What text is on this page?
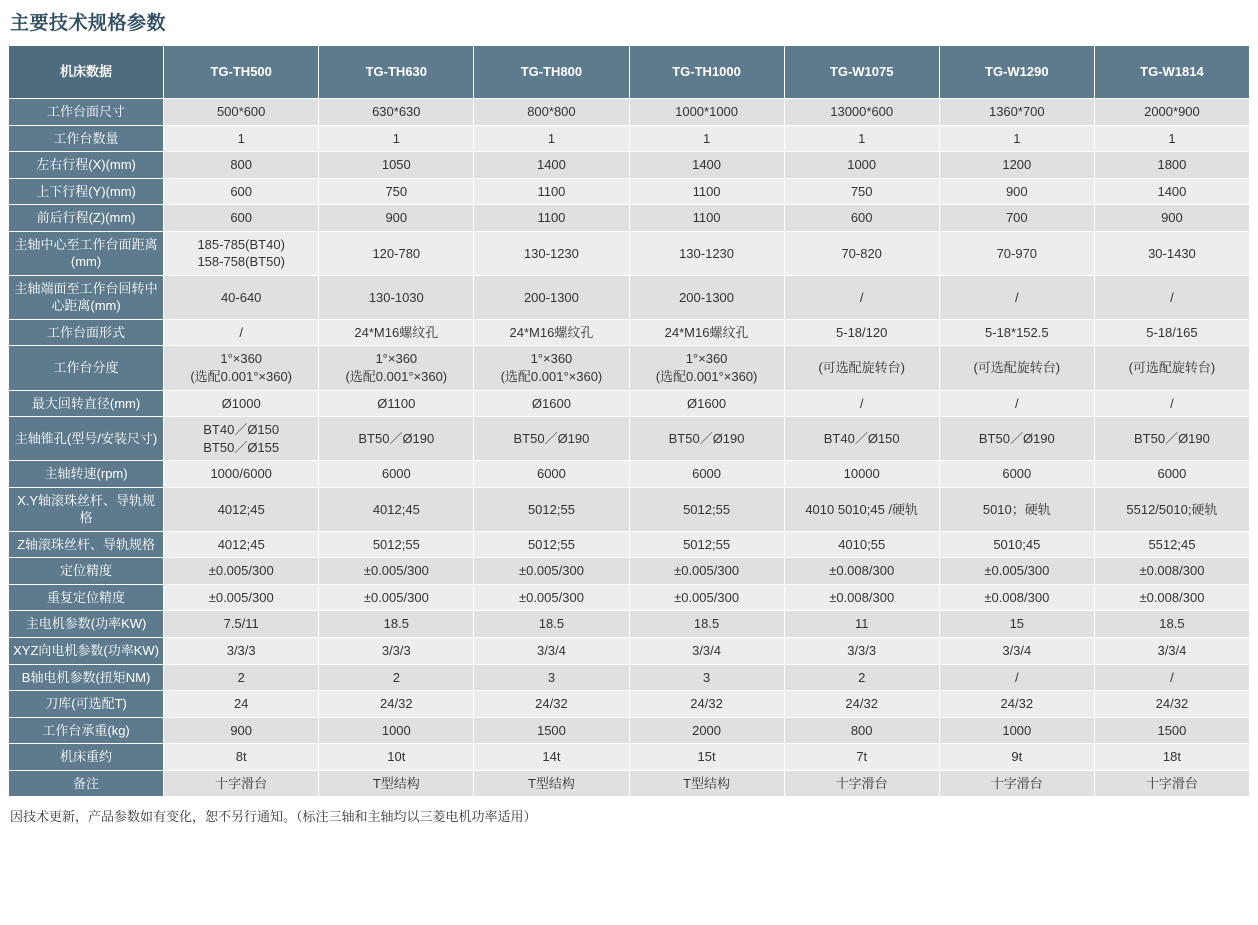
主要技术规格参数
机床数据	TG-TH500	TG-TH630	TG-TH800	TG-TH1000	TG-W1075	TG-W1290	TG-W1814
工作台面尺寸	500*600	630*630	800*800	1000*1000	13000*600	1360*700	2000*900

工作台数量	1	1	1	1	1	1	1

左右行程(X)(mm)	800	1050	1400	1400	1000	1200	1800

上下行程(Y)(mm)	600	750	1100	1100	750	900	1400

前后行程(Z)(mm)	600	900	1100	1100	600	700	900

主轴中心至工作台面距离(mm)	185-785(BT40)
158-758(BT50)	120-780	130-1230	130-1230	70-820	70-970	30-1430

主轴端面至工作台回转中心距离(mm)	40-640	130-1030	200-1300	200-1300	/	/	/

工作台面形式	/	24*M16螺纹孔	24*M16螺纹孔	24*M16螺纹孔	5-18/120	5-18*152.5	5-18/165

工作台分度	1°×360
(选配0.001°×360)	1°×360
(选配0.001°×360)	1°×360
(选配0.001°×360)	1°×360
(选配0.001°×360)	(可选配旋转台)	(可选配旋转台)	(可选配旋转台)

最大回转直径(mm)	Ø1000	Ø1100	Ø1600	Ø1600	/	/	/

主轴锥孔(型号/安装尺寸)	BT40／Ø150
BT50／Ø155	BT50／Ø190	BT50／Ø190	BT50／Ø190	BT40／Ø150	BT50／Ø190	BT50／Ø190

主轴转速(rpm)	1000/6000	6000	6000	6000	10000	6000	6000

X.Y轴滚珠丝杆、导轨规格	4012;45	4012;45	5012;55	5012;55	4010 5010;45 /硬轨	5010；硬轨	5512/5010;硬轨

Z轴滚珠丝杆、导轨规格	4012;45	5012;55	5012;55	5012;55	4010;55	5010;45	5512;45

定位精度	±0.005/300	±0.005/300	±0.005/300	±0.005/300	±0.008/300	±0.005/300	±0.008/300

重复定位精度	±0.005/300	±0.005/300	±0.005/300	±0.005/300	±0.008/300	±0.008/300	±0.008/300

主电机参数(功率KW)	7.5/11	18.5	18.5	18.5	11	15	18.5

XYZ向电机参数(功率KW)	3/3/3	3/3/3	3/3/4	3/3/4	3/3/3	3/3/4	3/3/4

B轴电机参数(扭矩NM)	2	2	3	3	2	/	/

刀库(可选配T)	24	24/32	24/32	24/32	24/32	24/32	24/32

工作台承重(kg)	900	1000	1500	2000	800	1000	1500

机床重约	8t	10t	14t	15t	7t	9t	18t

备注	十字滑台	T型结构	T型结构	T型结构	十字滑台	十字滑台	十字滑台
因技术更新，产品参数如有变化，恕不另行通知。（标注三轴和主轴均以三菱电机功率适用）
